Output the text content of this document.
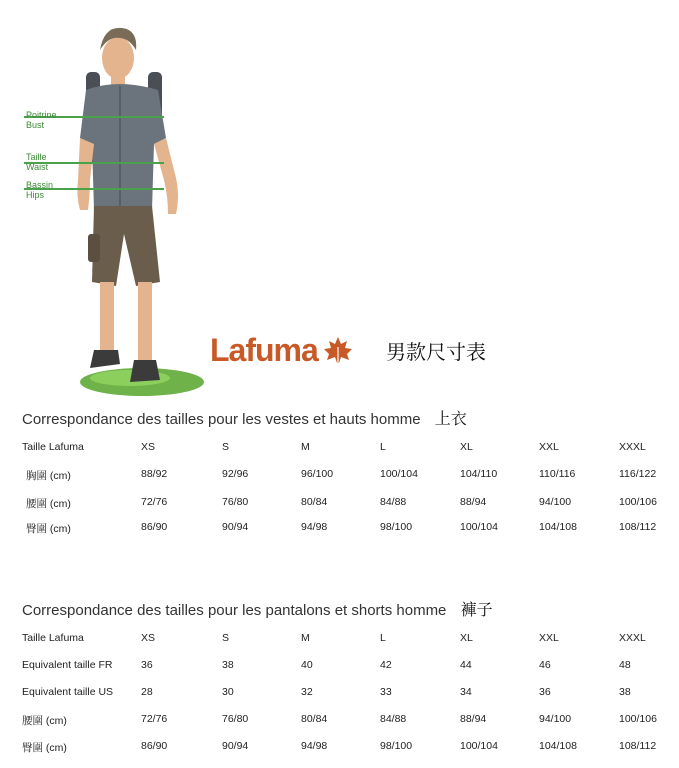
Poitrine
Bust
Taille
Waist
Bassin
Hips
Lafuma	男款尺寸表
Correspondance des tailles pour les vestes et hauts homme 上衣
Taille Lafuma	XS	S	M	L	XL	XXL	XXXL
胸圍 (cm)	88/92	92/96	96/100	100/104	104/110	110/116	116/122
腰圍 (cm)	72/76	76/80	80/84	84/88	88/94	94/100	100/106
臀圍 (cm)	86/90	90/94	94/98	98/100	100/104	104/108	108/112
Correspondance des tailles pour les pantalons et shorts homme 褲子
Taille Lafuma	XS	S	M	L	XL	XXL	XXXL
Equivalent taille FR	36	38	40	42	44	46	48
Equivalent taille US	28	30	32	33	34	36	38
腰圍 (cm)	72/76	76/80	80/84	84/88	88/94	94/100	100/106
臀圍 (cm)	86/90	90/94	94/98	98/100	100/104	104/108	108/112
